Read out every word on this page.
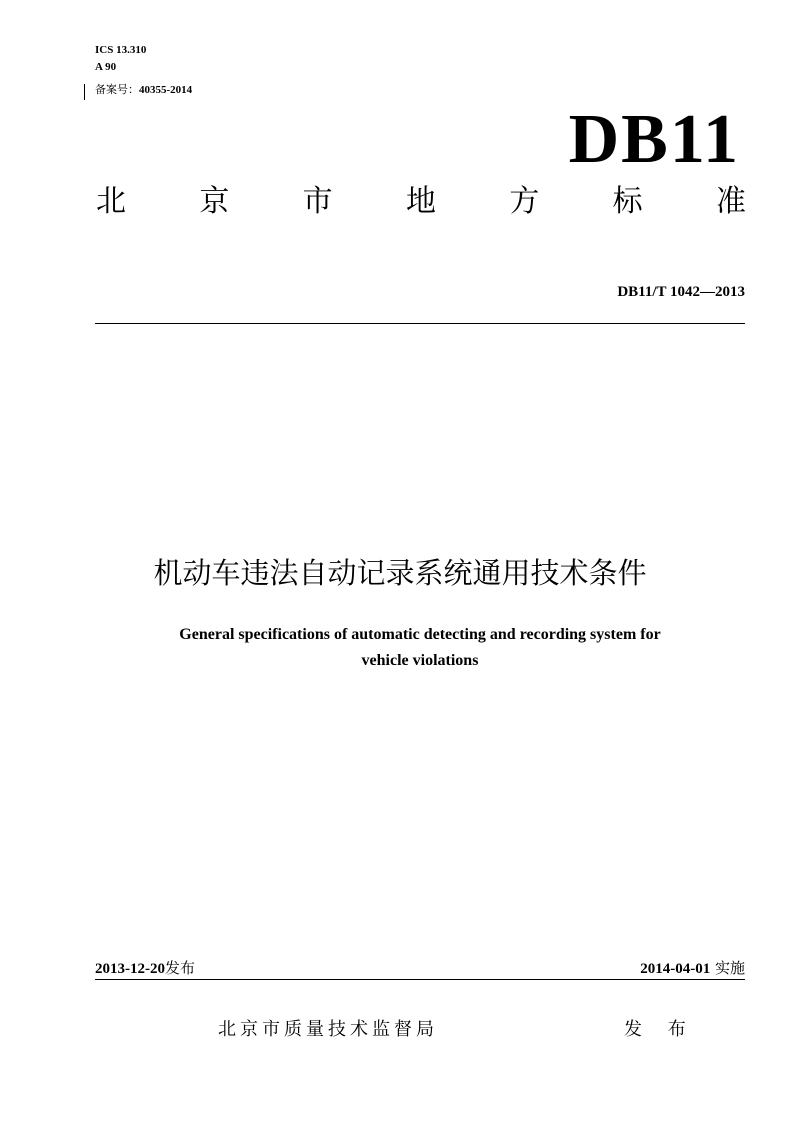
ICS 13.310
A 90
备案号：40355-2014
DB11
北 京 市 地 方 标 准
DB11/T 1042—2013
机动车违法自动记录系统通用技术条件
General specifications of automatic detecting and recording system for
vehicle violations
2013-12-20发布	2014-04-01 实施
北京市质量技术监督局	发 布
